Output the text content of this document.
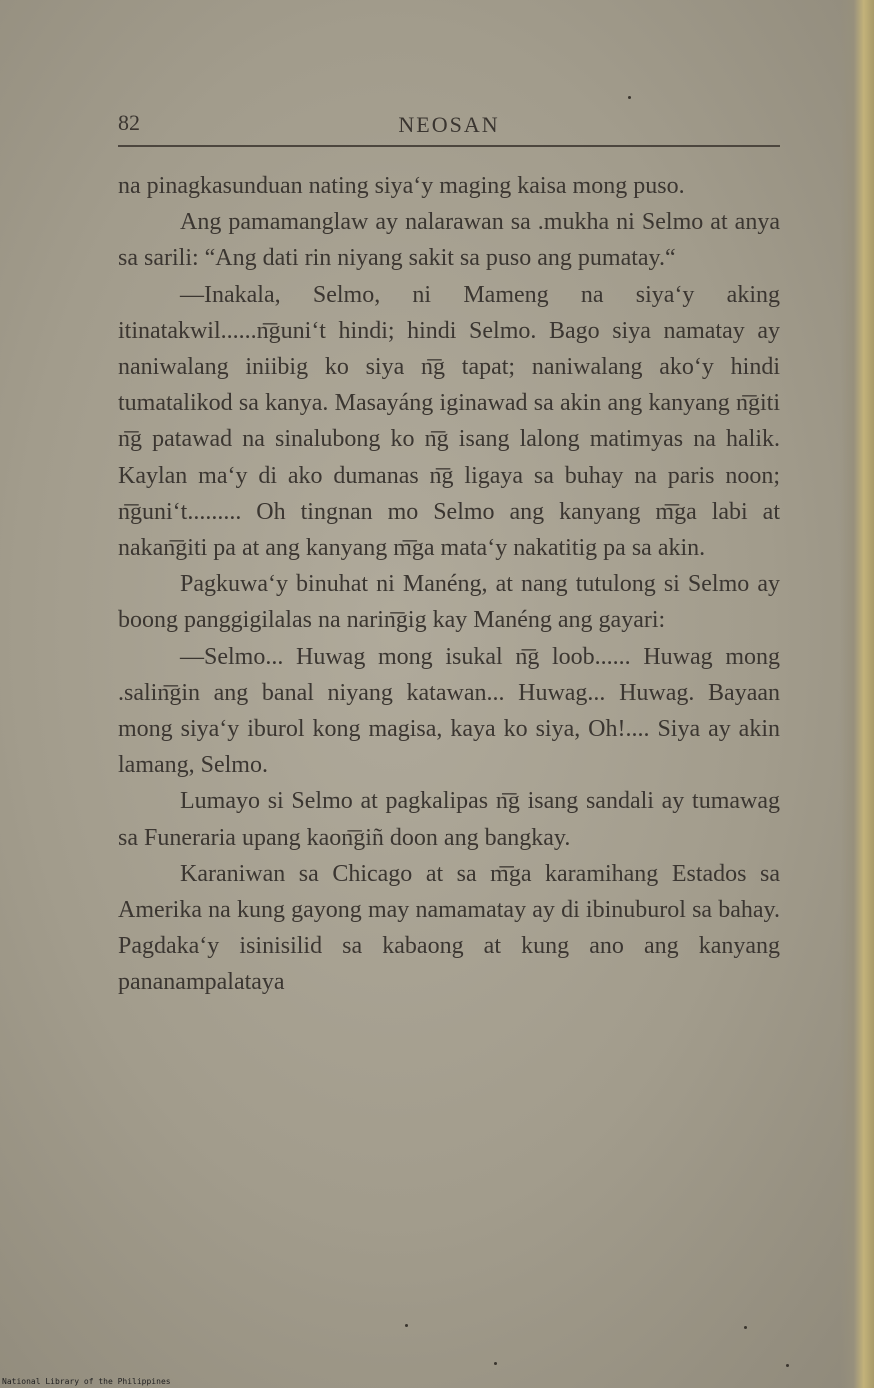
82	NEOSAN

na pinagkasunduan nating siya‘y maging kaisa mong puso.

Ang pamamanglaw ay nalarawan sa .mukha ni Selmo at anya sa sarili: “Ang dati rin niyang sakit sa puso ang pumatay.“

—Inakala, Selmo, ni Mameng na siya‘y aking itinatakwil......n͞guni‘t hindi; hindi Selmo. Bago siya namatay ay naniwalang iniibig ko siya n͞g tapat; naniwalang ako‘y hindi tumatalikod sa kanya. Masayáng iginawad sa akin ang kanyang n͞giti n͞g patawad na sinalubong ko n͞g isang lalong matimyas na halik. Kaylan ma‘y di ako dumanas n͞g ligaya sa buhay na paris noon; n͞guni‘t......... Oh tingnan mo Selmo ang kanyang m͞ga labi at nakan͞giti pa at ang kanyang m͞ga mata‘y nakatitig pa sa akin.

Pagkuwa‘y binuhat ni Manéng, at nang tutulong si Selmo ay boong panggigilalas na narin͞gig kay Manéng ang gayari:

—Selmo... Huwag mong isukal n͞g loob...... Huwag mong .salin͞gin ang banal niyang katawan... Huwag... Huwag. Bayaan mong siya‘y iburol kong magisa, kaya ko siya, Oh!.... Siya ay akin lamang, Selmo.

Lumayo si Selmo at pagkalipas n͞g isang sandali ay tumawag sa Funeraria upang kaon͞giñ doon ang bangkay.

Karaniwan sa Chicago at sa m͞ga karamihang Estados sa Amerika na kung gayong may namamatay ay di ibinuburol sa bahay. Pagdaka‘y isinisilid sa kabaong at kung ano ang kanyang pananampalataya

National Library of the Philippines
